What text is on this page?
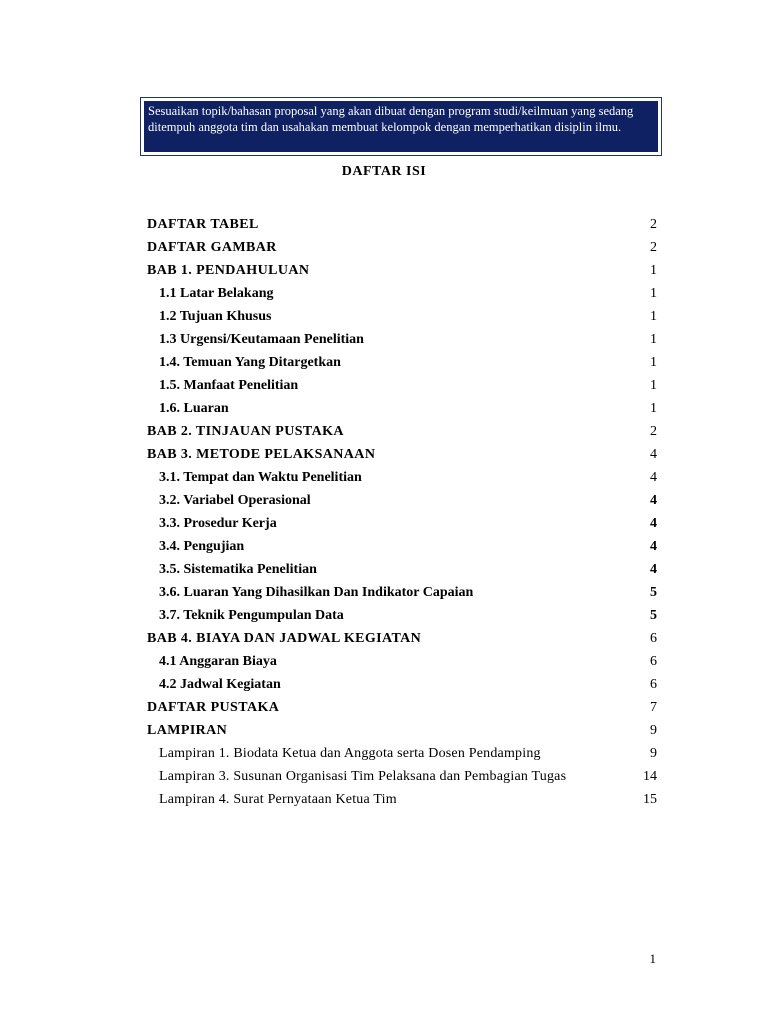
Sesuaikan topik/bahasan proposal yang akan dibuat dengan program studi/keilmuan yang sedang ditempuh anggota tim dan usahakan membuat kelompok dengan memperhatikan disiplin ilmu.
DAFTAR ISI
DAFTAR TABEL	2
DAFTAR GAMBAR	2
BAB 1. PENDAHULUAN	1
1.1 Latar Belakang	1
1.2 Tujuan Khusus	1
1.3 Urgensi/Keutamaan Penelitian	1
1.4. Temuan Yang Ditargetkan	1
1.5. Manfaat Penelitian	1
1.6. Luaran	1
BAB 2. TINJAUAN PUSTAKA	2
BAB 3. METODE PELAKSANAAN	4
3.1. Tempat dan Waktu Penelitian	4
3.2. Variabel Operasional	4
3.3. Prosedur Kerja	4
3.4. Pengujian	4
3.5. Sistematika Penelitian	4
3.6. Luaran Yang Dihasilkan Dan Indikator Capaian	5
3.7. Teknik Pengumpulan Data	5
BAB 4. BIAYA DAN JADWAL KEGIATAN	6
4.1 Anggaran Biaya	6
4.2 Jadwal Kegiatan	6
DAFTAR PUSTAKA	7
LAMPIRAN	9
Lampiran 1. Biodata Ketua dan Anggota serta Dosen Pendamping	9
Lampiran 3. Susunan Organisasi Tim Pelaksana dan Pembagian Tugas	14
Lampiran 4. Surat Pernyataan Ketua Tim	15
1
